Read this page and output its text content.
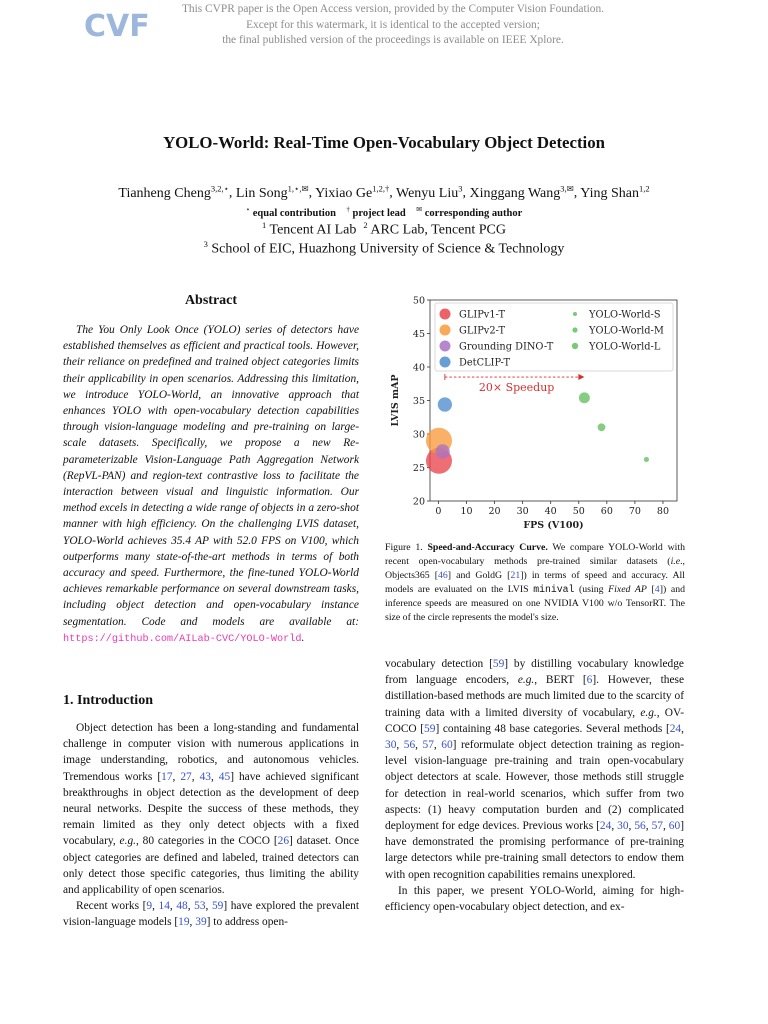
CVF	This CVPR paper is the Open Access version, provided by the Computer Vision Foundation.
Except for this watermark, it is identical to the accepted version;
the final published version of the proceedings is available on IEEE Xplore.
YOLO-World: Real-Time Open-Vocabulary Object Detection
Tianheng Cheng$^{3,2,⋆}$, Lin Song$^{1,⋆,✉}$, Yixiao $Ge^{1,2,\dagger}$, Wenyu Liu$^3$, Xinggang Wang$^{3,✉}$, Ying Shan$^{1,2}$
⋆ equal contribution † project lead ✉ corresponding author
$^1$ Tencent AI Lab $^2$ ARC Lab, Tencent PCG
$^3$ School of EIC, Huazhong University of Science & Technology
Abstract

The You Only Look Once (YOLO) series of detectors have established themselves as efficient and practical tools. However, their reliance on predefined and trained object categories limits their applicability in open scenarios. Addressing this limitation, we introduce YOLO-World, an innovative approach that enhances YOLO with open-vocabulary detection capabilities through vision-language modeling and pre-training on large-scale datasets. Specifically, we propose a new Re-parameterizable Vision-Language Path Aggregation Network (RepVL-PAN) and region-text contrastive loss to facilitate the interaction between visual and linguistic information. Our method excels in detecting a wide range of objects in a zero-shot manner with high efficiency. On the challenging LVIS dataset, YOLO-World achieves 35.4 AP with 52.0 FPS on V100, which outperforms many state-of-the-art methods in terms of both accuracy and speed. Furthermore, the fine-tuned YOLO-World achieves remarkable performance on several downstream tasks, including object detection and open-vocabulary instance segmentation. Code and models are available at: https://github.com/AILab-CVC/YOLO-World.

1. Introduction

Object detection has been a long-standing and fundamental challenge in computer vision with numerous applications in image understanding, robotics, and autonomous vehicles. Tremendous works [17, 27, 43, 45] have achieved significant breakthroughs in object detection as the development of deep neural networks. Despite the success of these methods, they remain limited as they only detect objects with a fixed vocabulary, e.g., 80 categories in the COCO [26] dataset. Once object categories are defined and labeled, trained detectors can only detect those specific categories, thus limiting the ability and applicability of open scenarios.

Recent works [9, 14, 48, 53, 59] have explored the prevalent vision-language models [19, 39] to address open-

0 10 20 30 40 50 60 70 80
20
25
30
35
40
45
50
FPS (V100)
LVIS mAP	20× Speedup
GLIPv1-T
GLIPv2-T
Grounding DINO-T
DetCLIP-T
YOLO-World-S
YOLO-World-M
YOLO-World-L

Figure 1. Speed-and-Accuracy Curve. We compare YOLO-World with recent open-vocabulary methods pre-trained similar datasets (i.e., Objects365 [46] and GoldG [21]) in terms of speed and accuracy. All models are evaluated on the LVIS minival (using Fixed AP [4]) and inference speeds are measured on one NVIDIA V100 w/o TensorRT. The size of the circle represents the model's size.

vocabulary detection [59] by distilling vocabulary knowledge from language encoders, e.g., BERT [6]. However, these distillation-based methods are much limited due to the scarcity of training data with a limited diversity of vocabulary, e.g., OV-COCO [59] containing 48 base categories. Several methods [24, 30, 56, 57, 60] reformulate object detection training as region-level vision-language pre-training and train open-vocabulary object detectors at scale. However, those methods still struggle for detection in real-world scenarios, which suffer from two aspects: (1) heavy computation burden and (2) complicated deployment for edge devices. Previous works [24, 30, 56, 57, 60] have demonstrated the promising performance of pre-training large detectors while pre-training small detectors to endow them with open recognition capabilities remains unexplored.

In this paper, we present YOLO-World, aiming for high-efficiency open-vocabulary object detection, and ex-
